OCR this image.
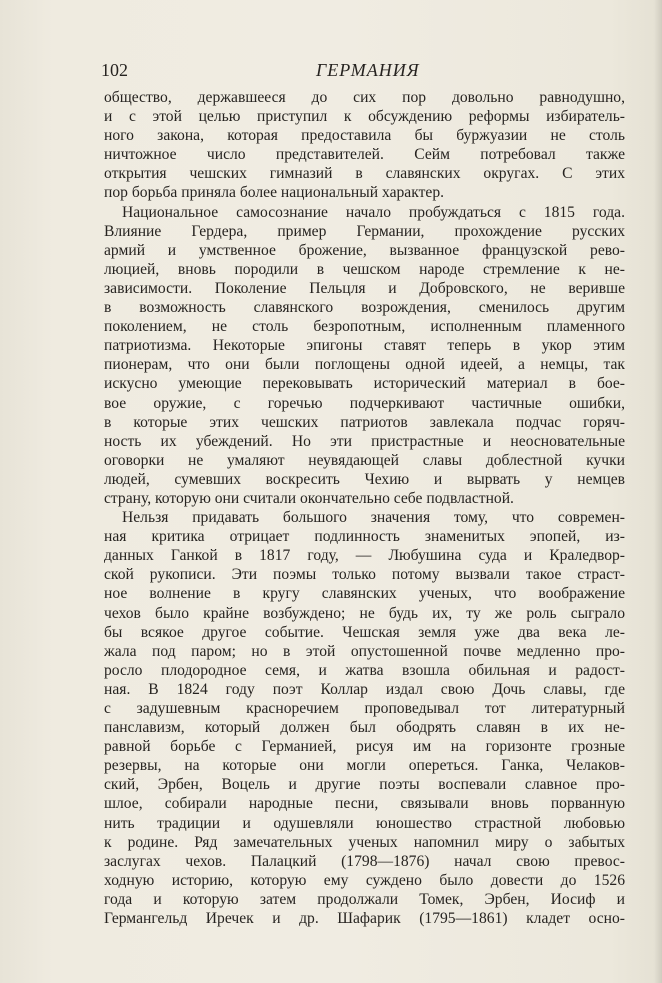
102	ГЕРМАНИЯ
общество, державшееся до сих пор довольно равнодушно,
и с этой целью приступил к обсуждению реформы избиратель-
ного закона, которая предоставила бы буржуазии не столь
ничтожное число представителей. Сейм потребовал также
открытия чешских гимназий в славянских округах. С этих
пор борьба приняла более национальный характер.
Национальное самосознание начало пробуждаться с 1815 года.
Влияние Гердера, пример Германии, прохождение русских
армий и умственное брожение, вызванное французской рево-
люцией, вновь породили в чешском народе стремление к не-
зависимости. Поколение Пельцля и Добровского, не веривше
в возможность славянского возрождения, сменилось другим
поколением, не столь безропотным, исполненным пламенного
патриотизма. Некоторые эпигоны ставят теперь в укор этим
пионерам, что они были поглощены одной идеей, а немцы, так
искусно умеющие перековывать исторический материал в бое-
вое оружие, с горечью подчеркивают частичные ошибки,
в которые этих чешских патриотов завлекала подчас горяч-
ность их убеждений. Но эти пристрастные и неосновательные
оговорки не умаляют неувядающей славы доблестной кучки
людей, сумевших воскресить Чехию и вырвать у немцев
страну, которую они считали окончательно себе подвластной.
Нельзя придавать большого значения тому, что современ-
ная критика отрицает подлинность знаменитых эпопей, из-
данных Ганкой в 1817 году, — Любушина суда и Краледвор-
ской рукописи. Эти поэмы только потому вызвали такое страст-
ное волнение в кругу славянских ученых, что воображение
чехов было крайне возбуждено; не будь их, ту же роль сыграло
бы всякое другое событие. Чешская земля уже два века ле-
жала под паром; но в этой опустошенной почве медленно про-
росло плодородное семя, и жатва взошла обильная и радост-
ная. В 1824 году поэт Коллар издал свою Дочь славы, где
с задушевным красноречием проповедывал тот литературный
панславизм, который должен был ободрять славян в их не-
равной борьбе с Германией, рисуя им на горизонте грозные
резервы, на которые они могли опереться. Ганка, Челаков-
ский, Эрбен, Воцель и другие поэты воспевали славное про-
шлое, собирали народные песни, связывали вновь порванную
нить традиции и одушевляли юношество страстной любовью
к родине. Ряд замечательных ученых напомнил миру о забытых
заслугах чехов. Палацкий (1798—1876) начал свою превос-
ходную историю, которую ему суждено было довести до 1526
года и которую затем продолжали Томек, Эрбен, Иосиф и
Германгельд Иречек и др. Шафарик (1795—1861) кладет осно-
